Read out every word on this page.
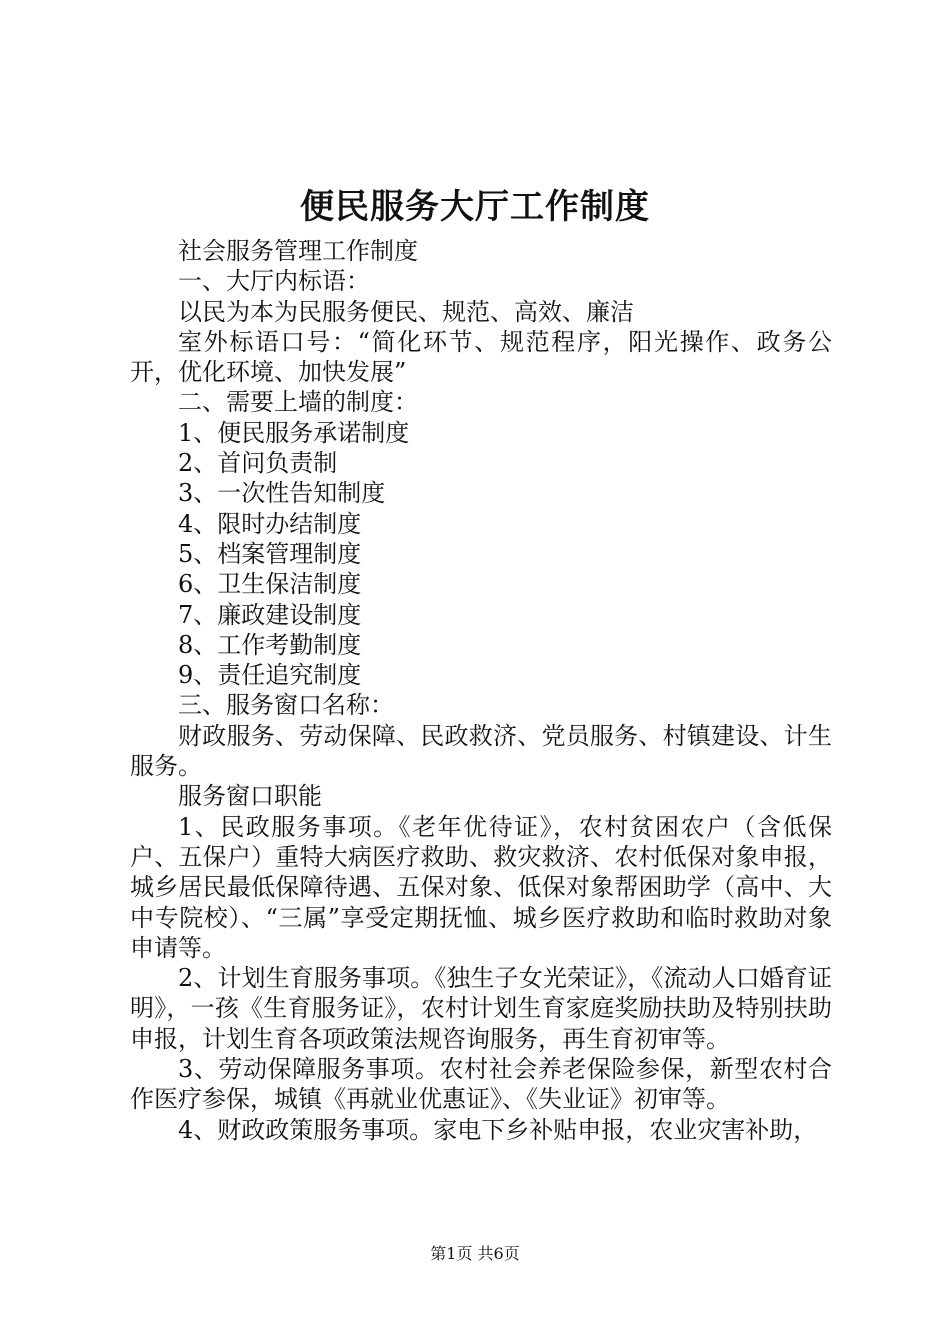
便民服务大厅工作制度

社会服务管理工作制度

一、大厅内标语：

以民为本为民服务便民、规范、高效、廉洁

室外标语口号：“简化环节、规范程序，阳光操作、政务公开，优化环境、加快发展”

二、需要上墙的制度：

1、便民服务承诺制度

2、首问负责制

3、一次性告知制度

4、限时办结制度

5、档案管理制度

6、卫生保洁制度

7、廉政建设制度

8、工作考勤制度

9、责任追究制度

三、服务窗口名称：

财政服务、劳动保障、民政救济、党员服务、村镇建设、计生服务。

服务窗口职能

1、民政服务事项。《老年优待证》，农村贫困农户（含低保户、五保户）重特大病医疗救助、救灾救济、农村低保对象申报，城乡居民最低保障待遇、五保对象、低保对象帮困助学（高中、大中专院校）、“三属”享受定期抚恤、城乡医疗救助和临时救助对象申请等。

2、计划生育服务事项。《独生子女光荣证》，《流动人口婚育证明》，一孩《生育服务证》，农村计划生育家庭奖励扶助及特别扶助申报，计划生育各项政策法规咨询服务，再生育初审等。

3、劳动保障服务事项。农村社会养老保险参保，新型农村合作医疗参保，城镇《再就业优惠证》、《失业证》初审等。

4、财政政策服务事项。家电下乡补贴申报，农业灾害补助，

第1页 共6页
